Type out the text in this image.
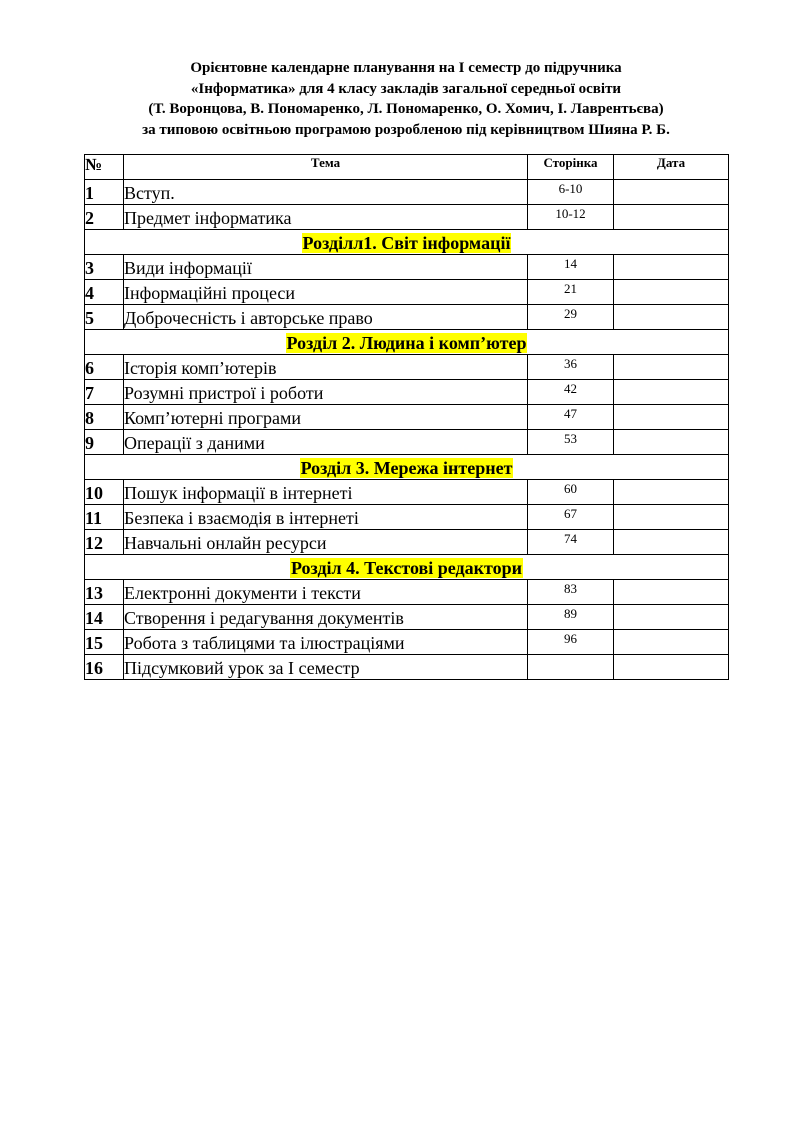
Орієнтовне календарне планування на І семестр до підручника
«Інформатика» для 4 класу закладів загальної середньої освіти
(Т. Воронцова, В. Пономаренко, Л. Пономаренко, О. Хомич, І. Лаврентьєва)
за типовою освітньою програмою розробленою під керівництвом Шияна Р. Б.
№	Тема	Сторінка	Дата
1	Вступ.	6-10	
2	Предмет інформатика	10-12	
Розділл1. Світ інформації			
3	Види інформації	14	
4	Інформаційні процеси	21	
5	Доброчесність і авторське право	29	
Розділ 2. Людина і комп’ютер			
6	Історія комп’ютерів	36	
7	Розумні пристрої і роботи	42	
8	Комп’ютерні програми	47	
9	Операції з даними	53	
Розділ 3. Мережа інтернет			
10	Пошук інформації в інтернеті	60	
11	Безпека і взаємодія в інтернеті	67	
12	Навчальні онлайн ресурси	74	
Розділ 4. Текстові редактори			
13	Електронні документи і тексти	83	
14	Створення і редагування документів	89	
15	Робота з таблицями та ілюстраціями	96	
16	Підсумковий урок за І семестр		
